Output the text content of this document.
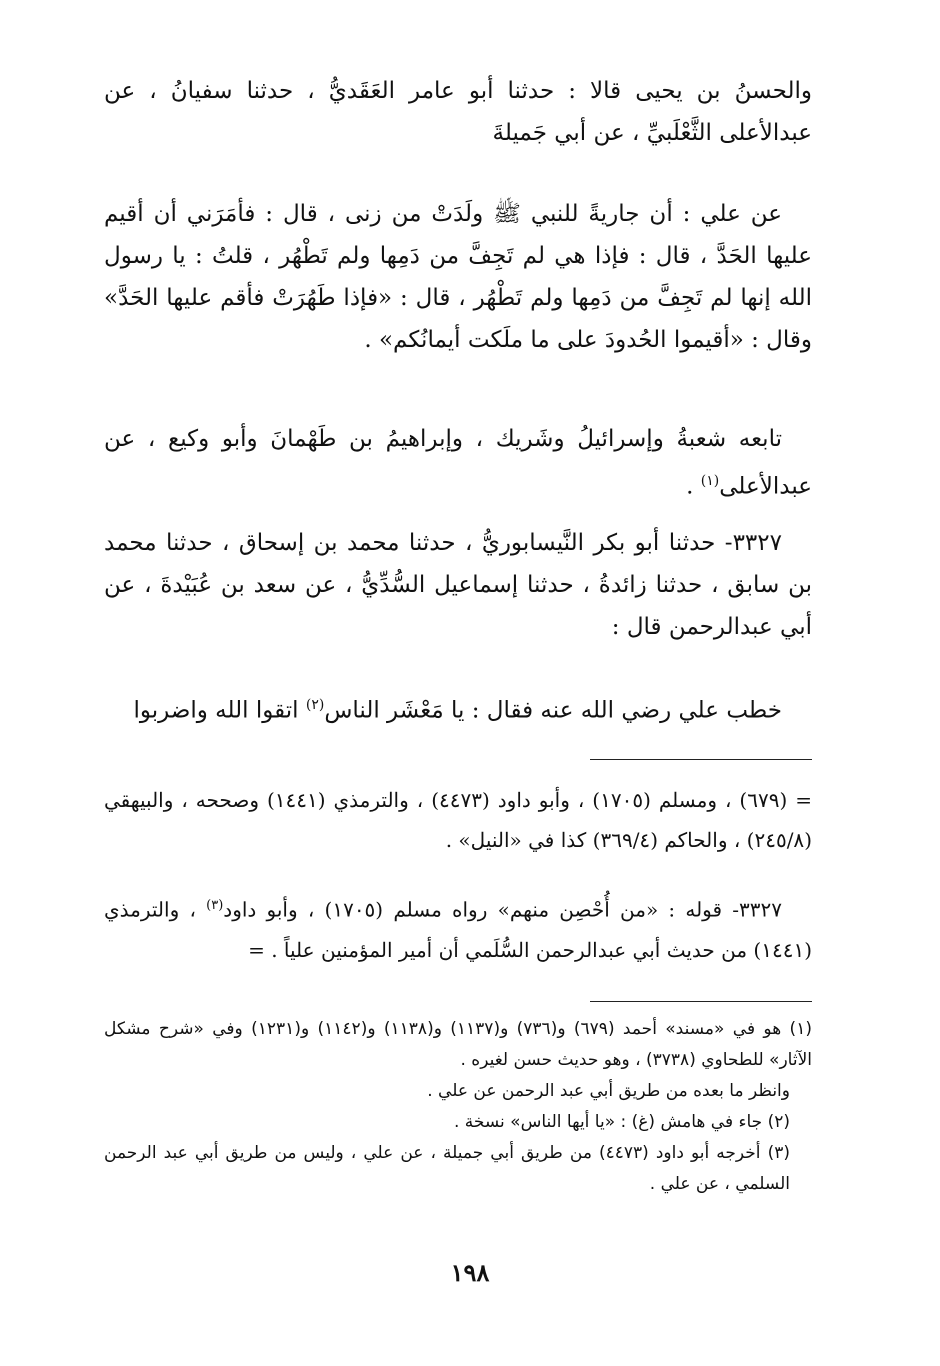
والحسنُ بن يحيى قالا : حدثنا أبو عامر العَقَديُّ ، حدثنا سفيانُ ، عن عبدالأعلى الثَّعْلَبيِّ ، عن أبي جَميلةَ

عن علي : أن جاريةً للنبي ﷺ ولَدَتْ من زنى ، قال : فأمَرَني أن أقيم عليها الحَدَّ ، قال : فإذا هي لم تَجِفَّ من دَمِها ولم تَطْهُر ، قلتُ : يا رسول الله إنها لم تَجِفَّ من دَمِها ولم تَطْهُر ، قال : «فإذا طَهُرَتْ فأقم عليها الحَدَّ» وقال : «أقيموا الحُدودَ على ما ملَكت أيمانُكم» .

تابعه شعبةُ وإسرائيلُ وشَريك ، وإبراهيمُ بن طَهْمانَ وأبو وكيع ، عن عبدالأعلى$^{(١)}$ .

٣٣٢٧- حدثنا أبو بكر النَّيسابوريُّ ، حدثنا محمد بن إسحاق ، حدثنا محمد بن سابق ، حدثنا زائدةُ ، حدثنا إسماعيل السُّدِّيُّ ، عن سعد بن عُبَيْدةَ ، عن أبي عبدالرحمن قال :

خطب علي رضي الله عنه فقال : يا مَعْشَر الناس$^{(٢)}$ اتقوا الله واضربوا

= (٦٧٩) ، ومسلم (١٧٠٥) ، وأبو داود (٤٤٧٣) ، والترمذي (١٤٤١) وصححه ، والبيهقي (٢٤٥/٨) ، والحاكم (٣٦٩/٤) كذا في «النيل» .

٣٣٢٧- قوله : «من أُحْصِن منهم» رواه مسلم (١٧٠٥) ، وأبو داود$^{(٣)}$ ، والترمذي (١٤٤١) من حديث أبي عبدالرحمن السُّلَمي أن أمير المؤمنين علياً . =

(١) هو في «مسند» أحمد (٦٧٩) و(٧٣٦) و(١١٣٧) و(١١٣٨) و(١١٤٢) و(١٢٣١) وفي «شرح مشكل الآثار» للطحاوي (٣٧٣٨) ، وهو حديث حسن لغيره .

وانظر ما بعده من طريق أبي عبد الرحمن عن علي .

(٢) جاء في هامش (غ) : «يا أيها الناس» نسخة .

(٣) أخرجه أبو داود (٤٤٧٣) من طريق أبي جميلة ، عن علي ، وليس من طريق أبي عبد الرحمن السلمي ، عن علي .

١٩٨
